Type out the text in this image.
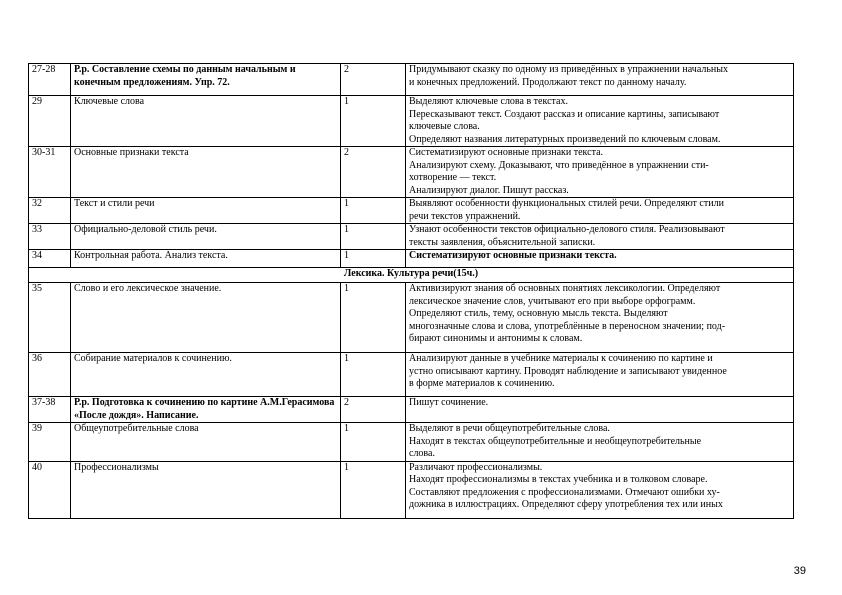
27-28	Р.р. Составление схемы по данным начальным и конечным предложениям. Упр. 72.	2	Придумывают сказку по одному из приведённых в упражнении начальных
и конечных предложений. Продолжают текст по данному началу.

29	Ключевые слова	1	Выделяют ключевые слова в текстах.
Пересказывают текст. Создают рассказ и описание картины, записывают
ключевые слова.
Определяют названия литературных произведений по ключевым словам.

30-31	Основные признаки текста	2	Систематизируют основные признаки текста.
Анализируют схему. Доказывают, что приведённое в упражнении сти-
хотворение — текст.
Анализируют диалог. Пишут рассказ.

32	Текст и стили речи	1	Выявляют особенности функциональных стилей речи. Определяют стили
речи текстов упражнений.

33	Официально-деловой стиль речи.	1	Узнают особенности текстов официально-делового стиля. Реализовывают
тексты заявления, объяснительной записки.

34	Контрольная работа. Анализ текста.	1	Систематизируют основные признаки текста.

Лексика. Культура речи(15ч.)			
35	Слово и его лексическое значение.	1	Активизируют знания об основных понятиях лексикологии. Определяют
лексическое значение слов, учитывают его при выборе орфограмм.
Определяют стиль, тему, основную мысль текста. Выделяют
многозначные слова и слова, употреблённые в переносном значении; под-
бирают синонимы и антонимы к словам.

36	Собирание материалов к сочинению.	1	Анализируют данные в учебнике материалы к сочинению по картине и
устно описывают картину. Проводят наблюдение и записывают увиденное
в форме материалов к сочинению.

37-38	Р.р. Подготовка к сочинению по картине А.М.Герасимова «После дождя». Написание.	2	Пишут сочинение.

39	Общеупотребительные слова	1	Выделяют в речи общеупотребительные слова.
Находят в текстах общеупотребительные и необщеупотребительные
слова.

40	Профессионализмы	1	Различают профессионализмы.
Находят профессионализмы в текстах учебника и в толковом словаре.
Составляют предложения с профессионализмами. Отмечают ошибки ху-
дожника в иллюстрациях. Определяют сферу употребления тех или иных
39
